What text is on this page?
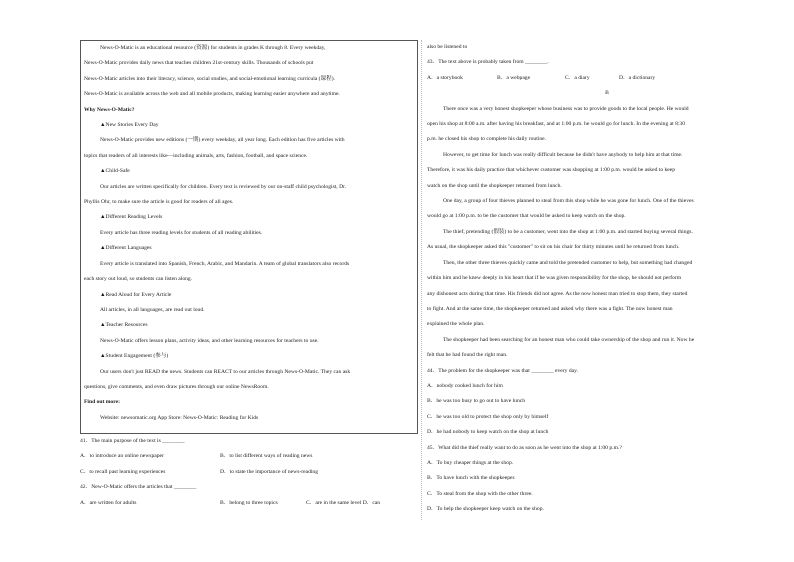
News-O-Matic is an educational resource (资源) for students in grades K through 8. Every weekday,
News-O-Matic provides daily news that teaches children 21st-century skills. Thousands of schools put
News-O-Matic articles into their literacy, science, social studies, and social-emotional learning curricula (课程).
News-O-Matic is available across the web and all mobile products, making learning easier anywhere and anytime.
Why News-O-Matic?
▲New Stories Every Day
News-O-Matic provides new editions (一期) every weekday, all year long. Each edition has five articles with
topics that readers of all interests like—including animals, arts, fashion, football, and space science.
▲Child-Safe
Our articles are written specifically for children. Every text is reviewed by our on-staff child psychologist, Dr.
Phyllis Ohr, to make sure the article is good for readers of all ages.
▲Different Reading Levels
Every article has three reading levels for students of all reading abilities.
▲Different Languages
Every article is translated into Spanish, French, Arabic, and Mandarin. A team of global translators also records
each story out loud, so students can listen along.
▲Read Aloud for Every Article
All articles, in all languages, are read out loud.
▲Teacher Resources
News-O-Matic offers lesson plans, activity ideas, and other learning resources for teachers to use.
▲Student Engagement (参与)
Our users don't just READ the news. Students can REACT to our articles through News-O-Matic. They can ask
questions, give comments, and even draw pictures through our online NewsRoom.
Find out more:
Website: newsomatic.org App Store: News-O-Matic: Reading for Kids
41．The main purpose of the text is ________
A．to introduce an online newspaper	B．to list different ways of reading news
C．to recall past learning experiences	D．to state the importance of news-reading
42．New-O-Matic offers the articles that ________
A．are written for adults	B．belong to three topics	C．are in the same level D．can
also be listened to
43．The text above is probably taken from ________.
A．a storybook	B．a webpage	C．a diary	D．a dictionary
B
There once was a very honest shopkeeper whose business was to provide goods to the local people. He would
open his shop at 8:00 a.m. after having his breakfast, and at 1:00 p.m. he would go for lunch. In the evening at 8:30
p.m. he closed his shop to complete his daily routine.
However, to get time for lunch was really difficult because he didn't have anybody to help him at that time.
Therefore, it was his daily practice that whichever customer was shopping at 1:00 p.m. would be asked to keep
watch on the shop until the shopkeeper returned from lunch.
One day, a group of four thieves planned to steal from this shop while he was gone for lunch. One of the thieves
would go at 1:00 p.m. to be the customer that would be asked to keep watch on the shop.
The thief, pretending (假装) to be a customer, went into the shop at 1:00 p.m. and started buying several things.
As usual, the shopkeeper asked this "customer" to sit on his chair for thirty minutes until he returned from lunch.
Then, the other three thieves quickly came and told the pretended customer to help, but something had changed
within him and he knew deeply in his heart that if he was given responsibility for the shop, he should not perform
any dishonest acts during that time. His friends did not agree. As the now honest man tried to stop them, they started
to fight. And at the same time, the shopkeeper returned and asked why there was a fight. The now honest man
explained the whole plan.
The shopkeeper had been searching for an honest man who could take ownership of the shop and run it. Now he
felt that he had found the right man.
44．The problem for the shopkeeper was that ________ every day.
A．nobody cooked lunch for him
B．he was too busy to go out to have lunch
C．he was too old to protect the shop only by himself
D．he had nobody to keep watch on the shop at lunch
45．What did the thief really want to do as soon as he went into the shop at 1:00 p.m.?
A．To buy cheaper things at the shop.
B．To have lunch with the shopkeeper.
C．To steal from the shop with the other three.
D．To help the shopkeeper keep watch on the shop.
